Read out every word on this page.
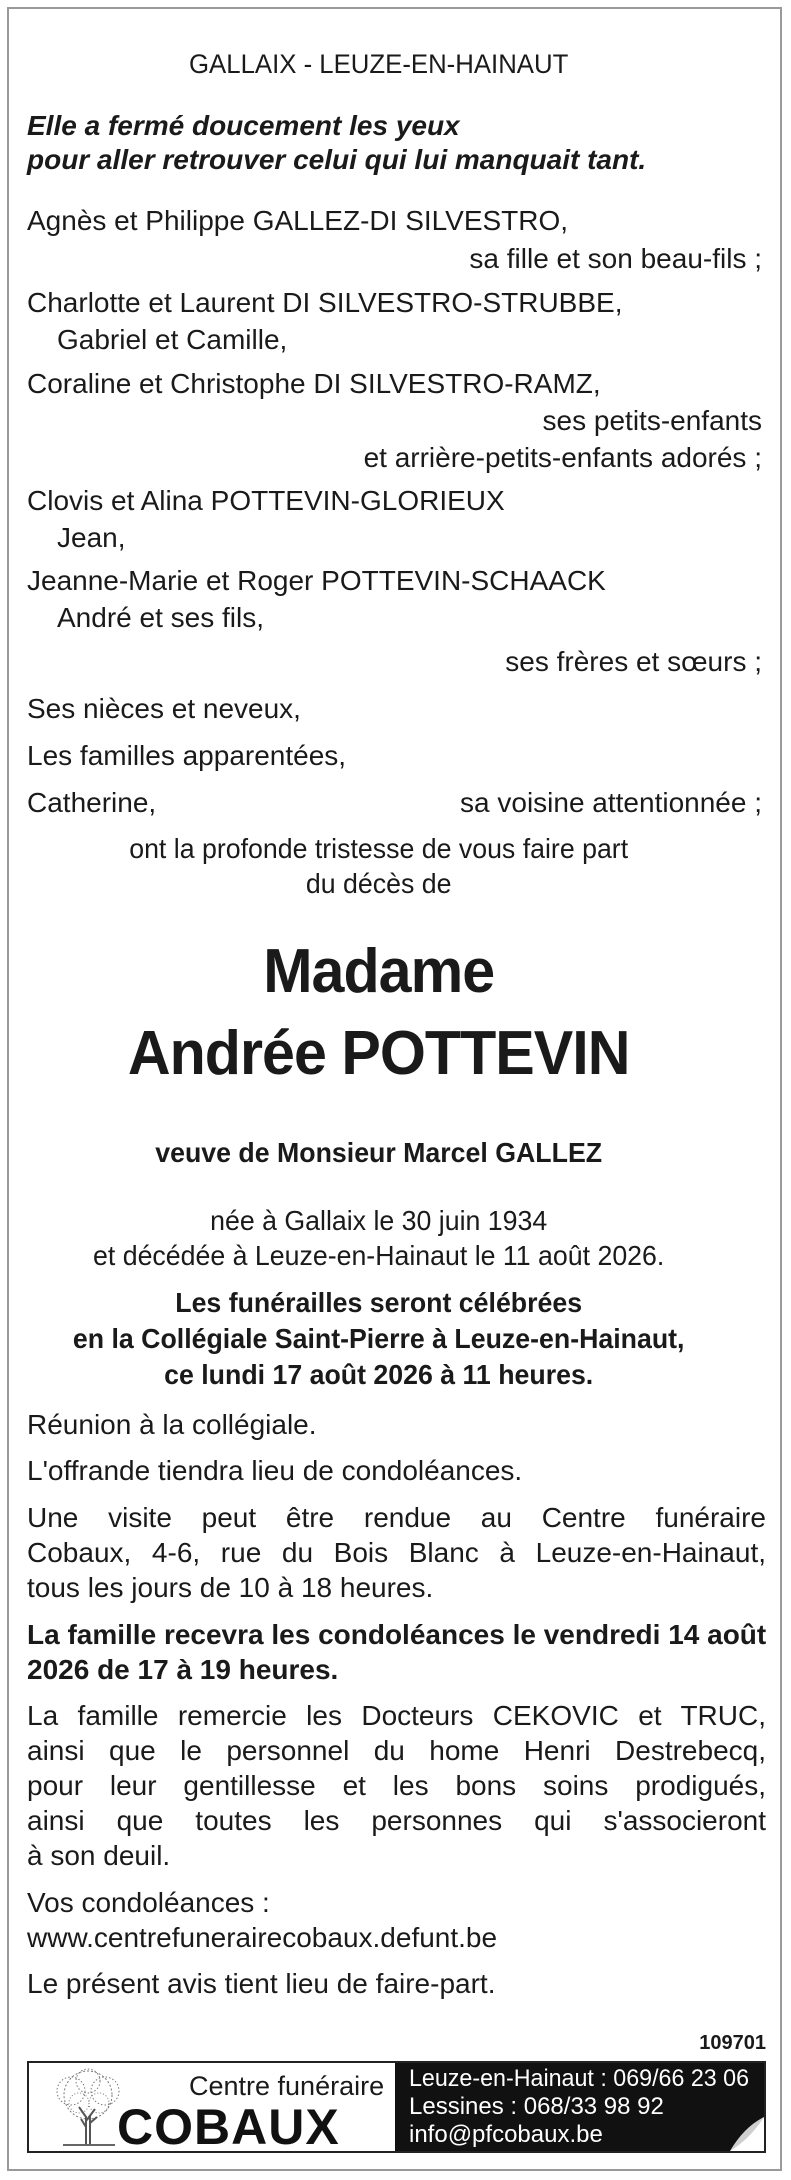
GALLAIX - LEUZE-EN-HAINAUT
Elle a fermé doucement les yeux
pour aller retrouver celui qui lui manquait tant.
Agnès et Philippe GALLEZ-DI SILVESTRO,
sa fille et son beau-fils ;
Charlotte et Laurent DI SILVESTRO-STRUBBE,
Gabriel et Camille,
Coraline et Christophe DI SILVESTRO-RAMZ,
ses petits-enfants
et arrière-petits-enfants adorés ;
Clovis et Alina POTTEVIN-GLORIEUX
Jean,
Jeanne-Marie et Roger POTTEVIN-SCHAACK
André et ses fils,
ses frères et sœurs ;
Ses nièces et neveux,
Les familles apparentées,
Catherine,	sa voisine attentionnée ;
ont la profonde tristesse de vous faire part
du décès de
Madame
Andrée POTTEVIN
veuve de Monsieur Marcel GALLEZ
née à Gallaix le 30 juin 1934
et décédée à Leuze-en-Hainaut le 11 août 2026.
Les funérailles seront célébrées
en la Collégiale Saint-Pierre à Leuze-en-Hainaut,
ce lundi 17 août 2026 à 11 heures.
Réunion à la collégiale.
L'offrande tiendra lieu de condoléances.
Une visite peut être rendue au Centre funéraire
Cobaux, 4-6, rue du Bois Blanc à Leuze-en-Hainaut,
tous les jours de 10 à 18 heures.
La famille recevra les condoléances le vendredi 14 août
2026 de 17 à 19 heures.
La famille remercie les Docteurs CEKOVIC et TRUC,
ainsi que le personnel du home Henri Destrebecq,
pour leur gentillesse et les bons soins prodigués,
ainsi que toutes les personnes qui s'associeront
à son deuil.
Vos condoléances :
www.centrefunerairecobaux.defunt.be
Le présent avis tient lieu de faire-part.
109701
Centre funéraire
COBAUX
Leuze-en-Hainaut : 069/66 23 06
Lessines : 068/33 98 92
info@pfcobaux.be
